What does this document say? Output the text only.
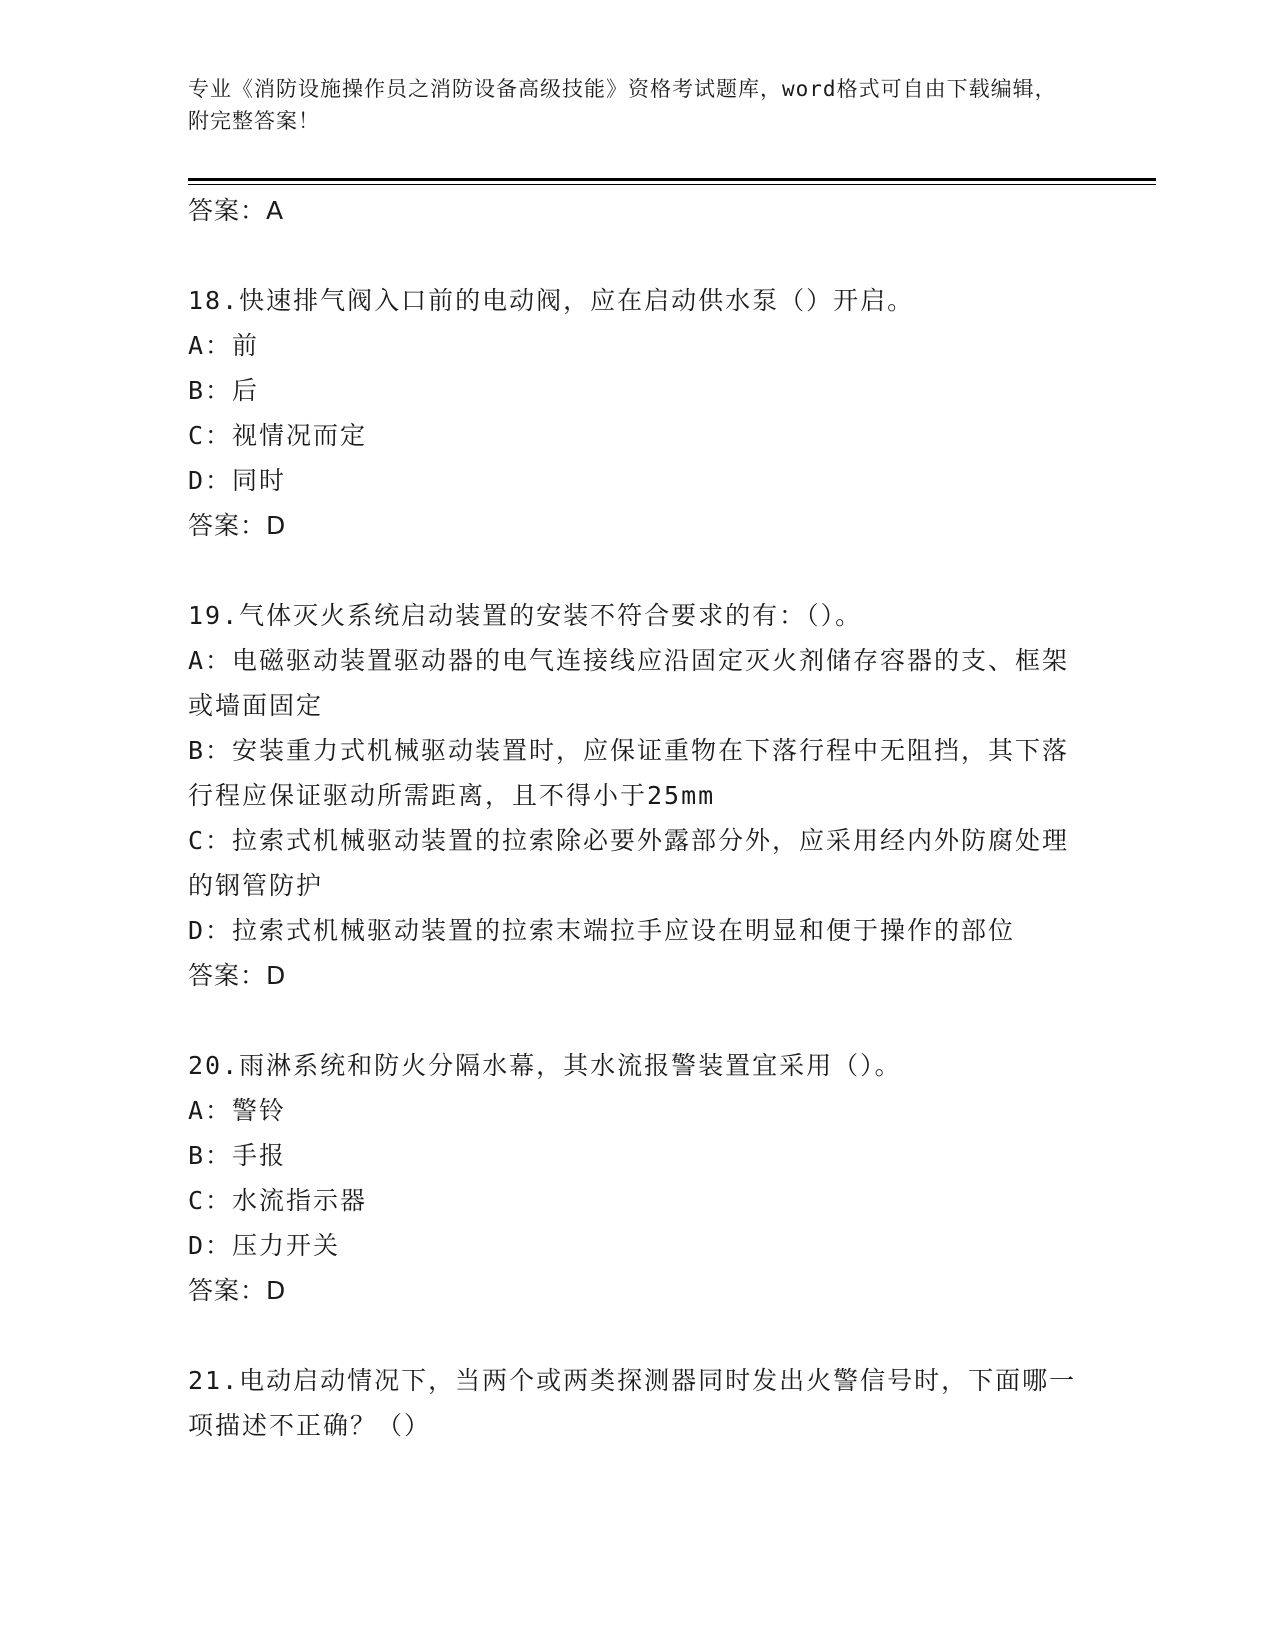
专业《消防设施操作员之消防设备高级技能》资格考试题库，word格式可自由下载编辑，附完整答案！
答案：A
18.快速排气阀入口前的电动阀，应在启动供水泵（）开启。
A：前
B：后
C：视情况而定
D：同时
答案：D
19.气体灭火系统启动装置的安装不符合要求的有：（）。
A：电磁驱动装置驱动器的电气连接线应沿固定灭火剂储存容器的支、框架或墙面固定
B：安装重力式机械驱动装置时，应保证重物在下落行程中无阻挡，其下落行程应保证驱动所需距离，且不得小于25mm
C：拉索式机械驱动装置的拉索除必要外露部分外，应采用经内外防腐处理的钢管防护
D：拉索式机械驱动装置的拉索末端拉手应设在明显和便于操作的部位
答案：D
20.雨淋系统和防火分隔水幕，其水流报警装置宜采用（）。
A：警铃
B：手报
C：水流指示器
D：压力开关
答案：D
21.电动启动情况下，当两个或两类探测器同时发出火警信号时，下面哪一项描述不正确？（）
